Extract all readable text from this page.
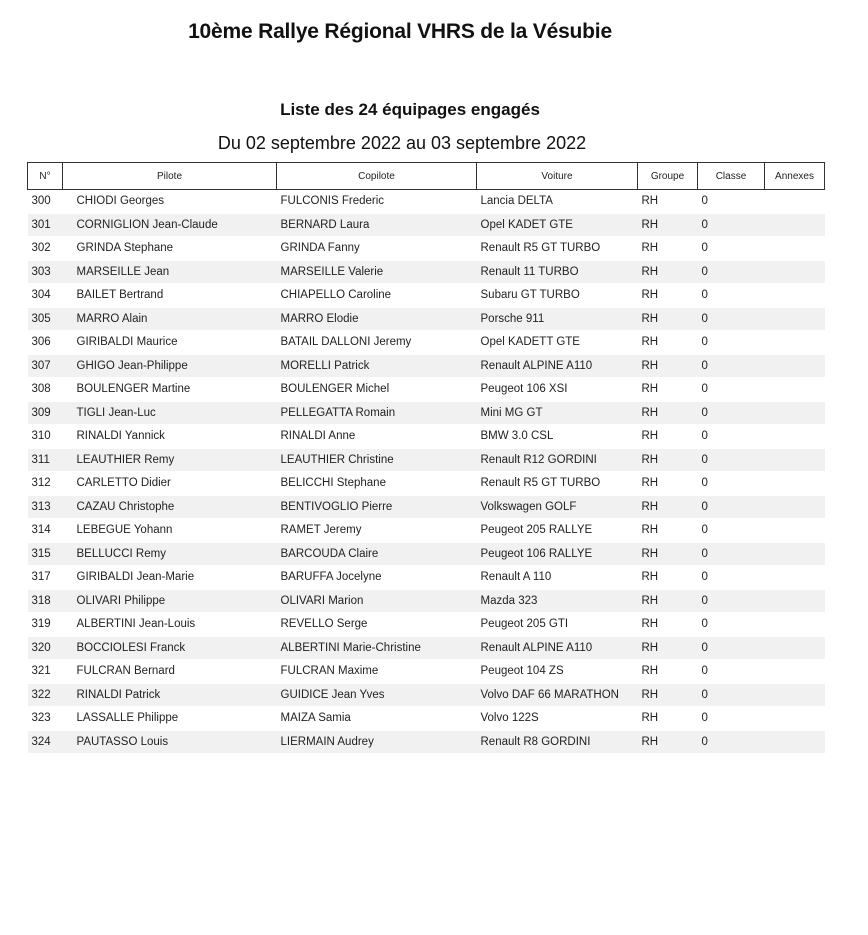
10ème Rallye Régional VHRS de la Vésubie
Liste des 24 équipages engagés
Du 02 septembre 2022 au 03 septembre 2022
N°	Pilote	Copilote	Voiture	Groupe	Classe	Annexes
300	CHIODI Georges	FULCONIS Frederic	Lancia DELTA	RH	0	
301	CORNIGLION Jean-Claude	BERNARD Laura	Opel KADET GTE	RH	0	
302	GRINDA Stephane	GRINDA Fanny	Renault R5 GT TURBO	RH	0	
303	MARSEILLE Jean	MARSEILLE Valerie	Renault 11 TURBO	RH	0	
304	BAILET Bertrand	CHIAPELLO Caroline	Subaru GT TURBO	RH	0	
305	MARRO Alain	MARRO Elodie	Porsche 911	RH	0	
306	GIRIBALDI Maurice	BATAIL DALLONI Jeremy	Opel KADETT GTE	RH	0	
307	GHIGO Jean-Philippe	MORELLI Patrick	Renault ALPINE A110	RH	0	
308	BOULENGER Martine	BOULENGER Michel	Peugeot 106 XSI	RH	0	
309	TIGLI Jean-Luc	PELLEGATTA Romain	Mini MG GT	RH	0	
310	RINALDI Yannick	RINALDI Anne	BMW 3.0 CSL	RH	0	
311	LEAUTHIER Remy	LEAUTHIER Christine	Renault R12 GORDINI	RH	0	
312	CARLETTO Didier	BELICCHI Stephane	Renault R5 GT TURBO	RH	0	
313	CAZAU Christophe	BENTIVOGLIO Pierre	Volkswagen GOLF	RH	0	
314	LEBEGUE Yohann	RAMET Jeremy	Peugeot 205 RALLYE	RH	0	
315	BELLUCCI Remy	BARCOUDA Claire	Peugeot 106 RALLYE	RH	0	
317	GIRIBALDI Jean-Marie	BARUFFA Jocelyne	Renault A 110	RH	0	
318	OLIVARI Philippe	OLIVARI Marion	Mazda 323	RH	0	
319	ALBERTINI Jean-Louis	REVELLO Serge	Peugeot 205 GTI	RH	0	
320	BOCCIOLESI Franck	ALBERTINI Marie-Christine	Renault ALPINE A110	RH	0	
321	FULCRAN Bernard	FULCRAN Maxime	Peugeot 104 ZS	RH	0	
322	RINALDI Patrick	GUIDICE Jean Yves	Volvo DAF 66 MARATHON	RH	0	
323	LASSALLE Philippe	MAIZA Samia	Volvo 122S	RH	0	
324	PAUTASSO Louis	LIERMAIN Audrey	Renault R8 GORDINI	RH	0	
